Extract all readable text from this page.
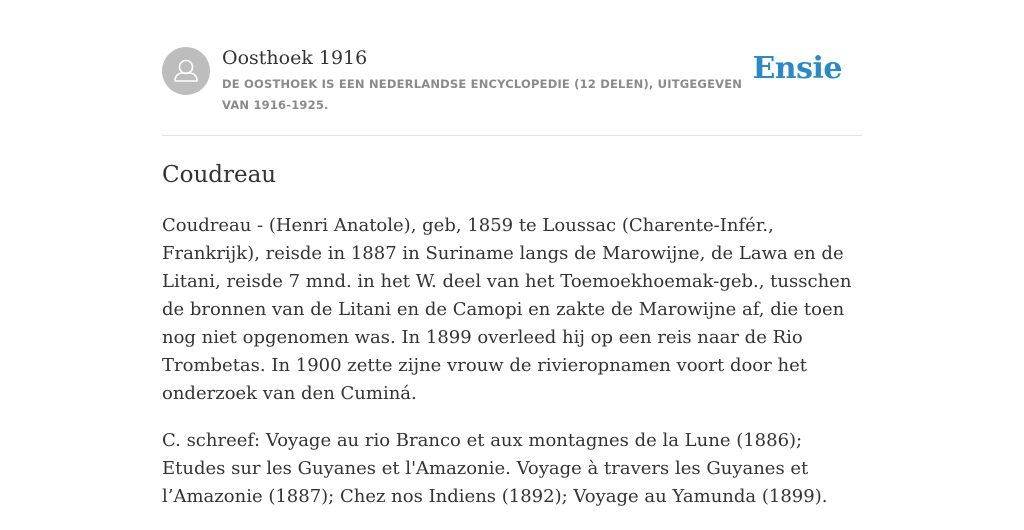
Oosthoek 1916
DE OOSTHOEK IS EEN NEDERLANDSE ENCYCLOPEDIE (12 DELEN), UITGEGEVEN VAN 1916-1925.
Ensie
Coudreau

Coudreau - (Henri Anatole), geb, 1859 te Loussac (Charente-Infér., Frankrijk), reisde in 1887 in Suriname langs de Marowijne, de Lawa en de Litani, reisde 7 mnd. in het W. deel van het Toemoekhoemak-geb., tusschen de bronnen van de Litani en de Camopi en zakte de Marowijne af, die toen nog niet opgenomen was. In 1899 overleed hij op een reis naar de Rio Trombetas. In 1900 zette zijne vrouw de rivieropnamen voort door het onderzoek van den Cuminá.

C. schreef: Voyage au rio Branco et aux montagnes de la Lune (1886); Etudes sur les Guyanes et l'Amazonie. Voyage à travers les Guyanes et l’Amazonie (1887); Chez nos Indiens (1892); Voyage au Yamunda (1899).
